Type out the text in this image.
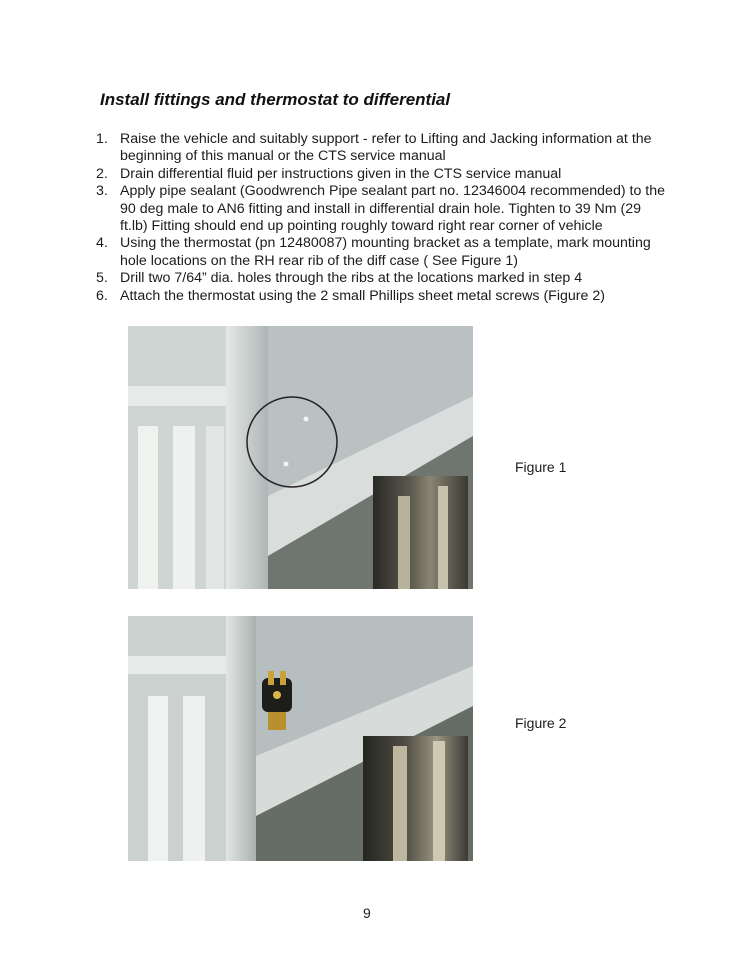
Install fittings and thermostat to differential
1. Raise the vehicle and suitably support - refer to Lifting and Jacking information at the beginning of this manual or the CTS service manual
2. Drain differential fluid per instructions given in the CTS service manual
3. Apply pipe sealant (Goodwrench Pipe sealant part no. 12346004 recommended) to the 90 deg male to AN6 fitting and install in differential drain hole. Tighten to 39 Nm (29 ft.lb) Fitting should end up pointing roughly toward right rear corner of vehicle
4. Using the thermostat (pn 12480087) mounting bracket as a template, mark mounting hole locations on the RH rear rib of the diff case ( See Figure 1)
5. Drill two 7/64” dia. holes through the ribs at the locations marked in step 4
6. Attach the thermostat using the 2 small Phillips sheet metal screws (Figure 2)
Figure 1
Figure 2
9
